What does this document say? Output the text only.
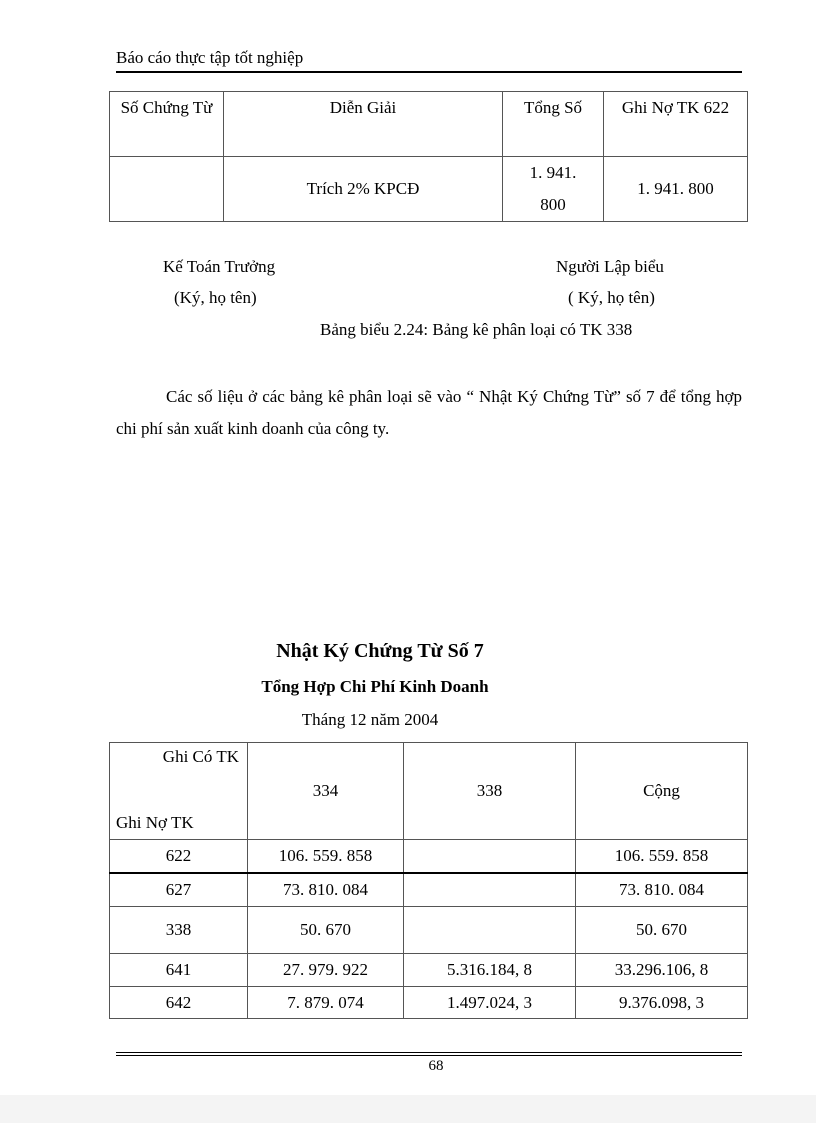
Báo cáo thực tập tốt nghiệp
Số Chứng Từ	Diễn Giải	Tổng Số	Ghi Nợ TK 622
	Trích 2% KPCĐ	1. 941. 800	1. 941. 800
Kế Toán Trưởng
(Ký, họ tên)
Người Lập biểu
( Ký, họ tên)
Bảng biểu 2.24: Bảng kê phân loại có TK 338
Các số liệu ở các bảng kê phân loại sẽ vào “ Nhật Ký Chứng Từ” số 7 để tổng hợp chi phí sản xuất kinh doanh của công ty.
Nhật Ký Chứng Từ Số 7
Tổng Hợp Chi Phí Kinh Doanh
Tháng 12 năm 2004
Ghi Có TK
Ghi Nợ TK	334	338	Cộng
622	106. 559. 858		106. 559. 858
627	73. 810. 084		73. 810. 084
338	50. 670		50. 670
641	27. 979. 922	5.316.184, 8	33.296.106, 8
642	7. 879. 074	1.497.024, 3	9.376.098, 3
68
